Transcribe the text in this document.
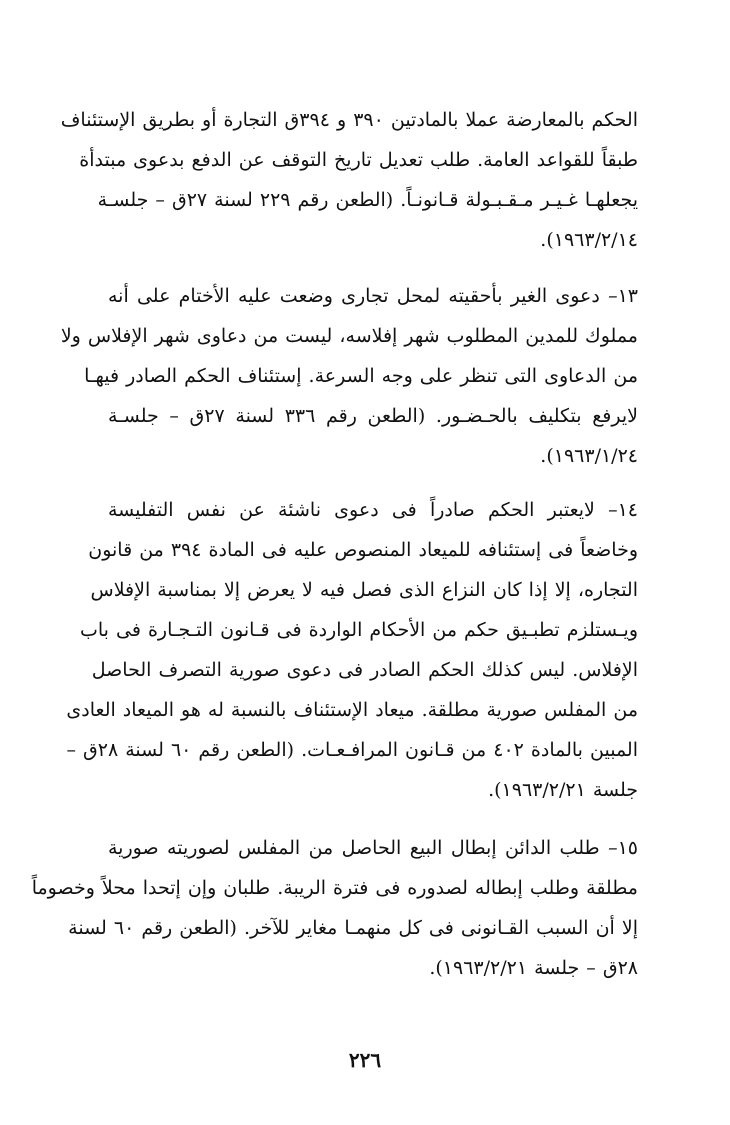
الحكم بالمعارضة عملا بالمادتين ٣٩٠ و ٣٩٤ق التجارة أو بطريق الإستئناف
طبقاً للقواعد العامة. طلب تعديل تاريخ التوقف عن الدفع بدعوى مبتدأة
يجعلهـا غـيـر مـقـبـولة قـانونـاً. (الطعن رقم ٢٢٩ لسنة ٢٧ق – جلسـة
١٩٦٣/٢/١٤).
١٣– دعوى الغير بأحقيته لمحل تجارى وضعت عليه الأختام على أنه
مملوك للمدين المطلوب شهر إفلاسه، ليست من دعاوى شهر الإفلاس ولا
من الدعاوى التى تنظر على وجه السرعة. إستئناف الحكم الصادر فيهـا
لايرفع بتكليف بالحـضـور. (الطعن رقم ٣٣٦ لسنة ٢٧ق – جلسـة
١٩٦٣/١/٢٤).
١٤– لايعتبر الحكم صادراً فى دعوى ناشئة عن نفس التفليسة
وخاضعاً فى إستئنافه للميعاد المنصوص عليه فى المادة ٣٩٤ من قانون
التجاره، إلا إذا كان النزاع الذى فصل فيه لا يعرض إلا بمناسبة الإفلاس
ويـستلزم تطبـيق حكم من الأحكام الواردة فى قـانون التـجـارة فى باب
الإفلاس. ليس كذلك الحكم الصادر فى دعوى صورية التصرف الحاصل
من المفلس صورية مطلقة. ميعاد الإستئناف بالنسبة له هو الميعاد العادى
المبين بالمادة ٤٠٢ من قـانون المرافـعـات. (الطعن رقم ٦٠ لسنة ٢٨ق –
جلسة ١٩٦٣/٢/٢١).
١٥– طلب الدائن إبطال البيع الحاصل من المفلس لصوريته صورية
مطلقة وطلب إبطاله لصدوره فى فترة الريبة. طلبان وإن إتحدا محلاً وخصوماً
إلا أن السبب القـانونى فى كل منهمـا مغاير للآخر. (الطعن رقم ٦٠ لسنة
٢٨ق – جلسة ١٩٦٣/٢/٢١).
٢٢٦
